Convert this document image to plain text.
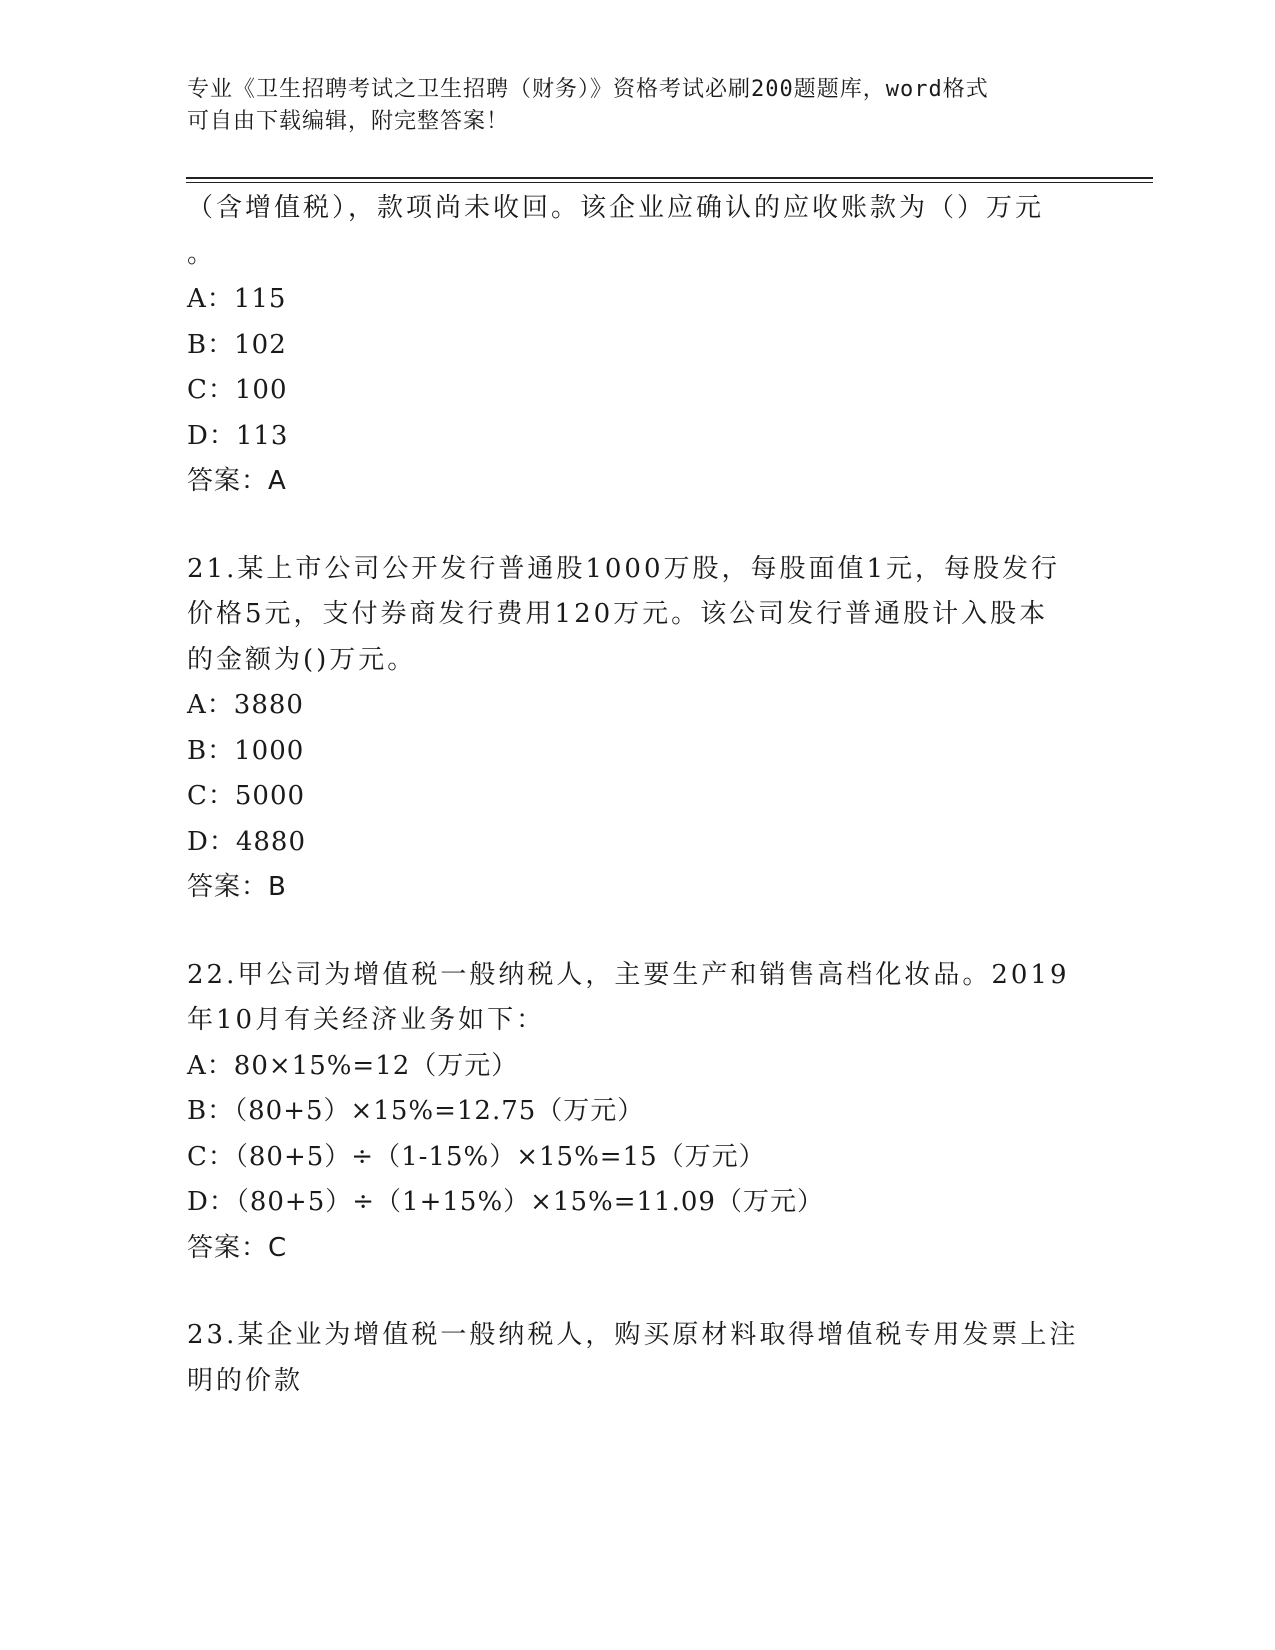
专业《卫生招聘考试之卫生招聘（财务）》资格考试必刷200题题库，word格式
可自由下载编辑，附完整答案！
（含增值税），款项尚未收回。该企业应确认的应收账款为（）万元
。
A：115
B：102
C：100
D：113
答案：A
21.某上市公司公开发行普通股1000万股，每股面值1元，每股发行
价格5元，支付券商发行费用120万元。该公司发行普通股计入股本
的金额为()万元。
A：3880
B：1000
C：5000
D：4880
答案：B
22.甲公司为增值税一般纳税人，主要生产和销售高档化妆品。2019
年10月有关经济业务如下：
A：80×15%=12（万元）
B：（80+5）×15%=12.75（万元）
C：（80+5）÷（1-15%）×15%=15（万元）
D：（80+5）÷（1+15%）×15%=11.09（万元）
答案：C
23.某企业为增值税一般纳税人，购买原材料取得增值税专用发票上注
明的价款
